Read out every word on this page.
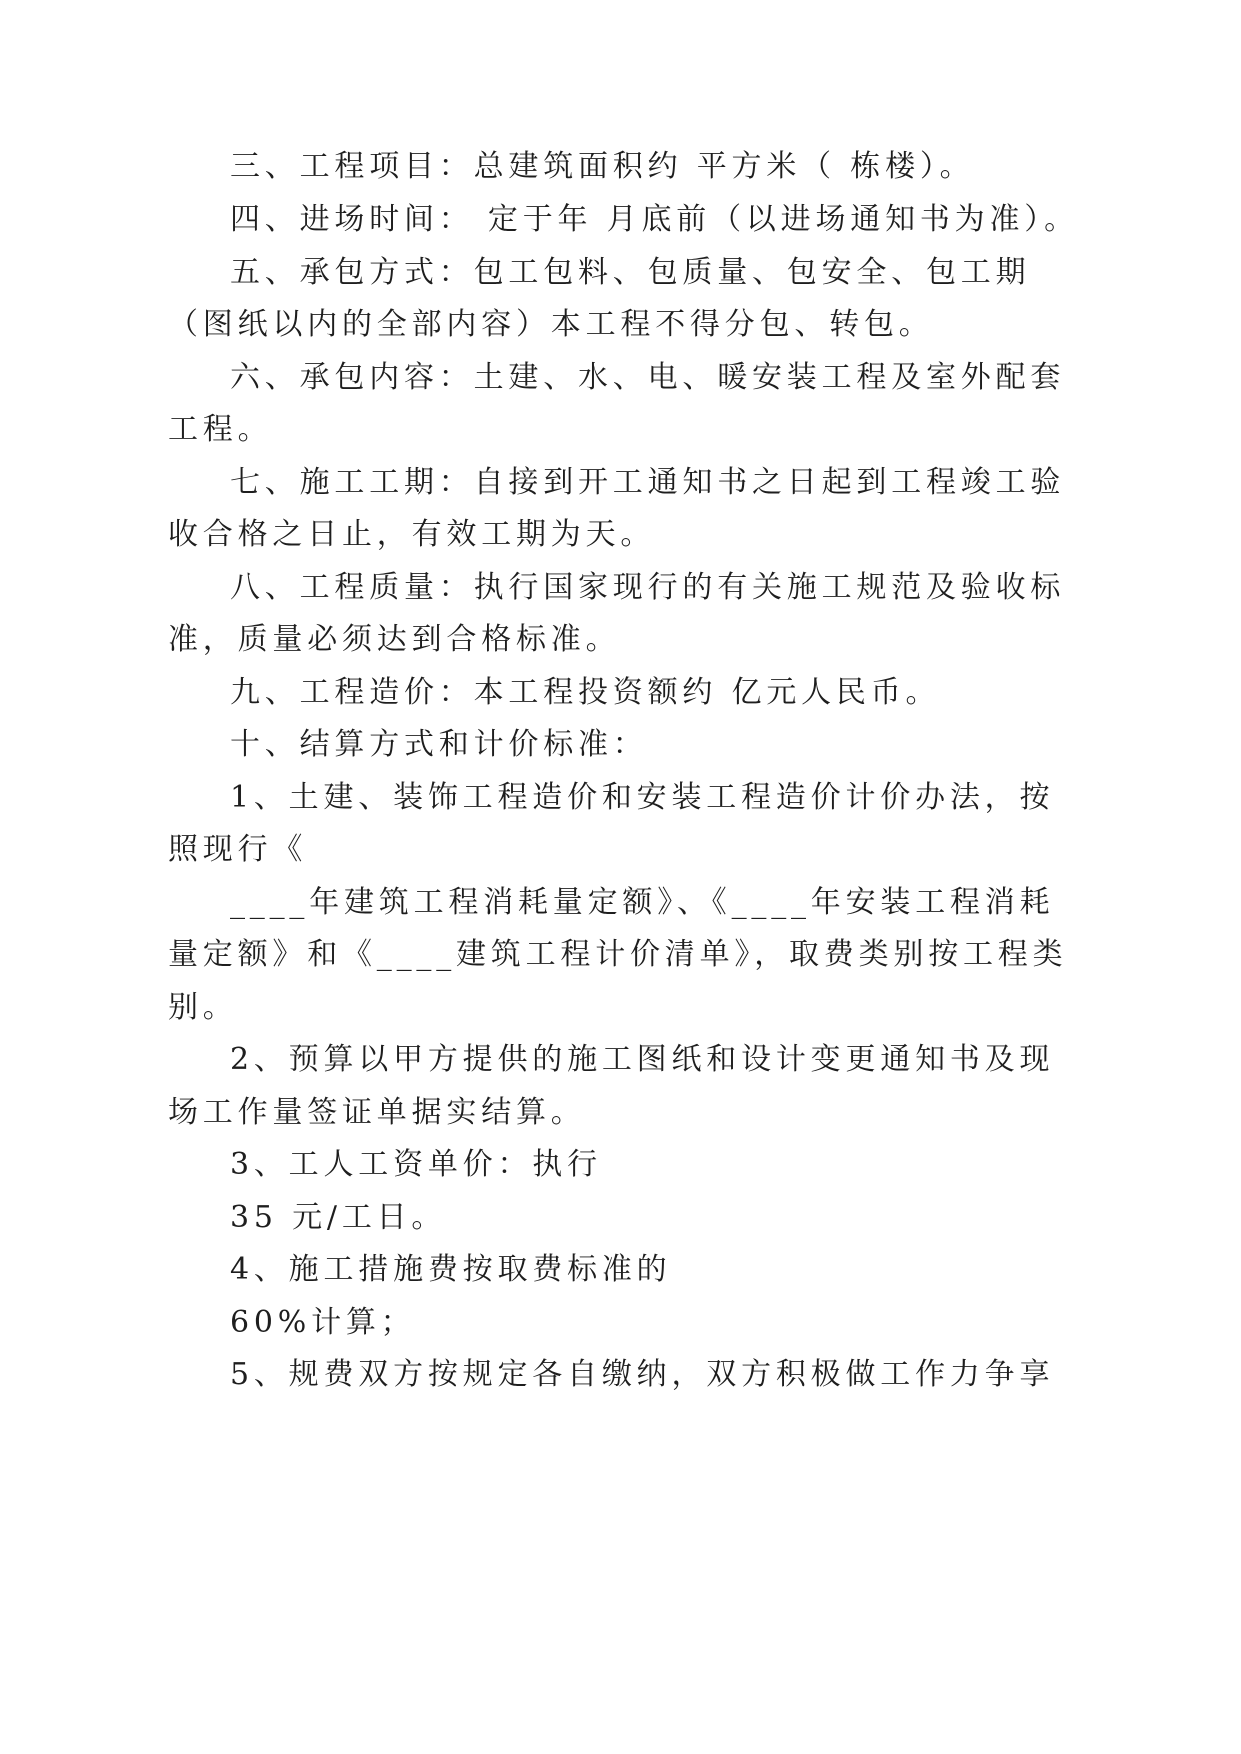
三、工程项目：总建筑面积约 平方米（ 栋楼）。
四、进场时间： 定于年 月底前（以进场通知书为准）。
五、承包方式：包工包料、包质量、包安全、包工期
（图纸以内的全部内容）本工程不得分包、转包。
六、承包内容：土建、水、电、暖安装工程及室外配套
工程。
七、施工工期：自接到开工通知书之日起到工程竣工验
收合格之日止，有效工期为天。
八、工程质量：执行国家现行的有关施工规范及验收标
准，质量必须达到合格标准。
九、工程造价：本工程投资额约 亿元人民币。
十、结算方式和计价标准：
1、土建、装饰工程造价和安装工程造价计价办法，按
照现行《
____年建筑工程消耗量定额》、《____年安装工程消耗
量定额》和《____建筑工程计价清单》，取费类别按工程类
别。
2、预算以甲方提供的施工图纸和设计变更通知书及现
场工作量签证单据实结算。
3、工人工资单价：执行
35 元/工日。
4、施工措施费按取费标准的
60%计算；
5、规费双方按规定各自缴纳，双方积极做工作力争享
